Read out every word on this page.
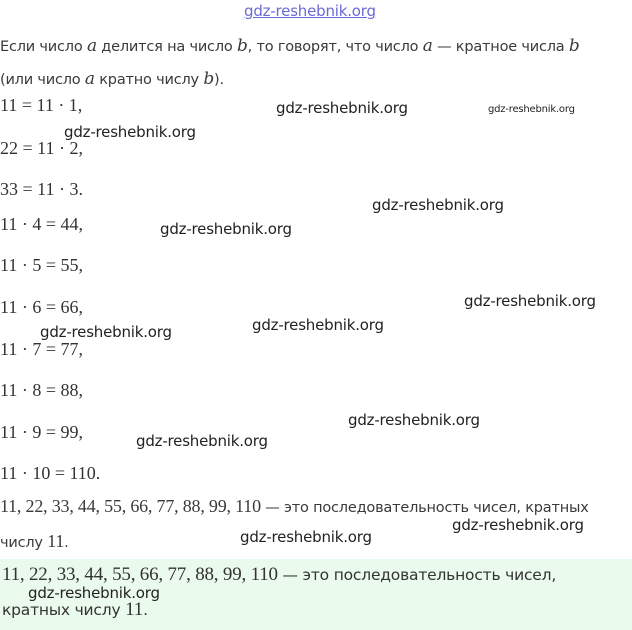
gdz-reshebnik.org
Если число a делится на число b, то говорят, что число a — кратное числа b
(или число a кратно числу b).
11 = 11 · 1,
22 = 11 · 2,
33 = 11 · 3.
11 · 4 = 44,
11 · 5 = 55,
11 · 6 = 66,
11 · 7 = 77,
11 · 8 = 88,
11 · 9 = 99,
11 · 10 = 110.
11, 22, 33, 44, 55, 66, 77, 88, 99, 110 — это последовательность чисел, кратных
числу 11.
11, 22, 33, 44, 55, 66, 77, 88, 99, 110 — это последовательность чисел,
кратных числу 11.
gdz-reshebnik.org	gdz-reshebnik.org
gdz-reshebnik.org
gdz-reshebnik.org
gdz-reshebnik.org
gdz-reshebnik.org
gdz-reshebnik.org
gdz-reshebnik.org
gdz-reshebnik.org
gdz-reshebnik.org
gdz-reshebnik.org
gdz-reshebnik.org
gdz-reshebnik.org
